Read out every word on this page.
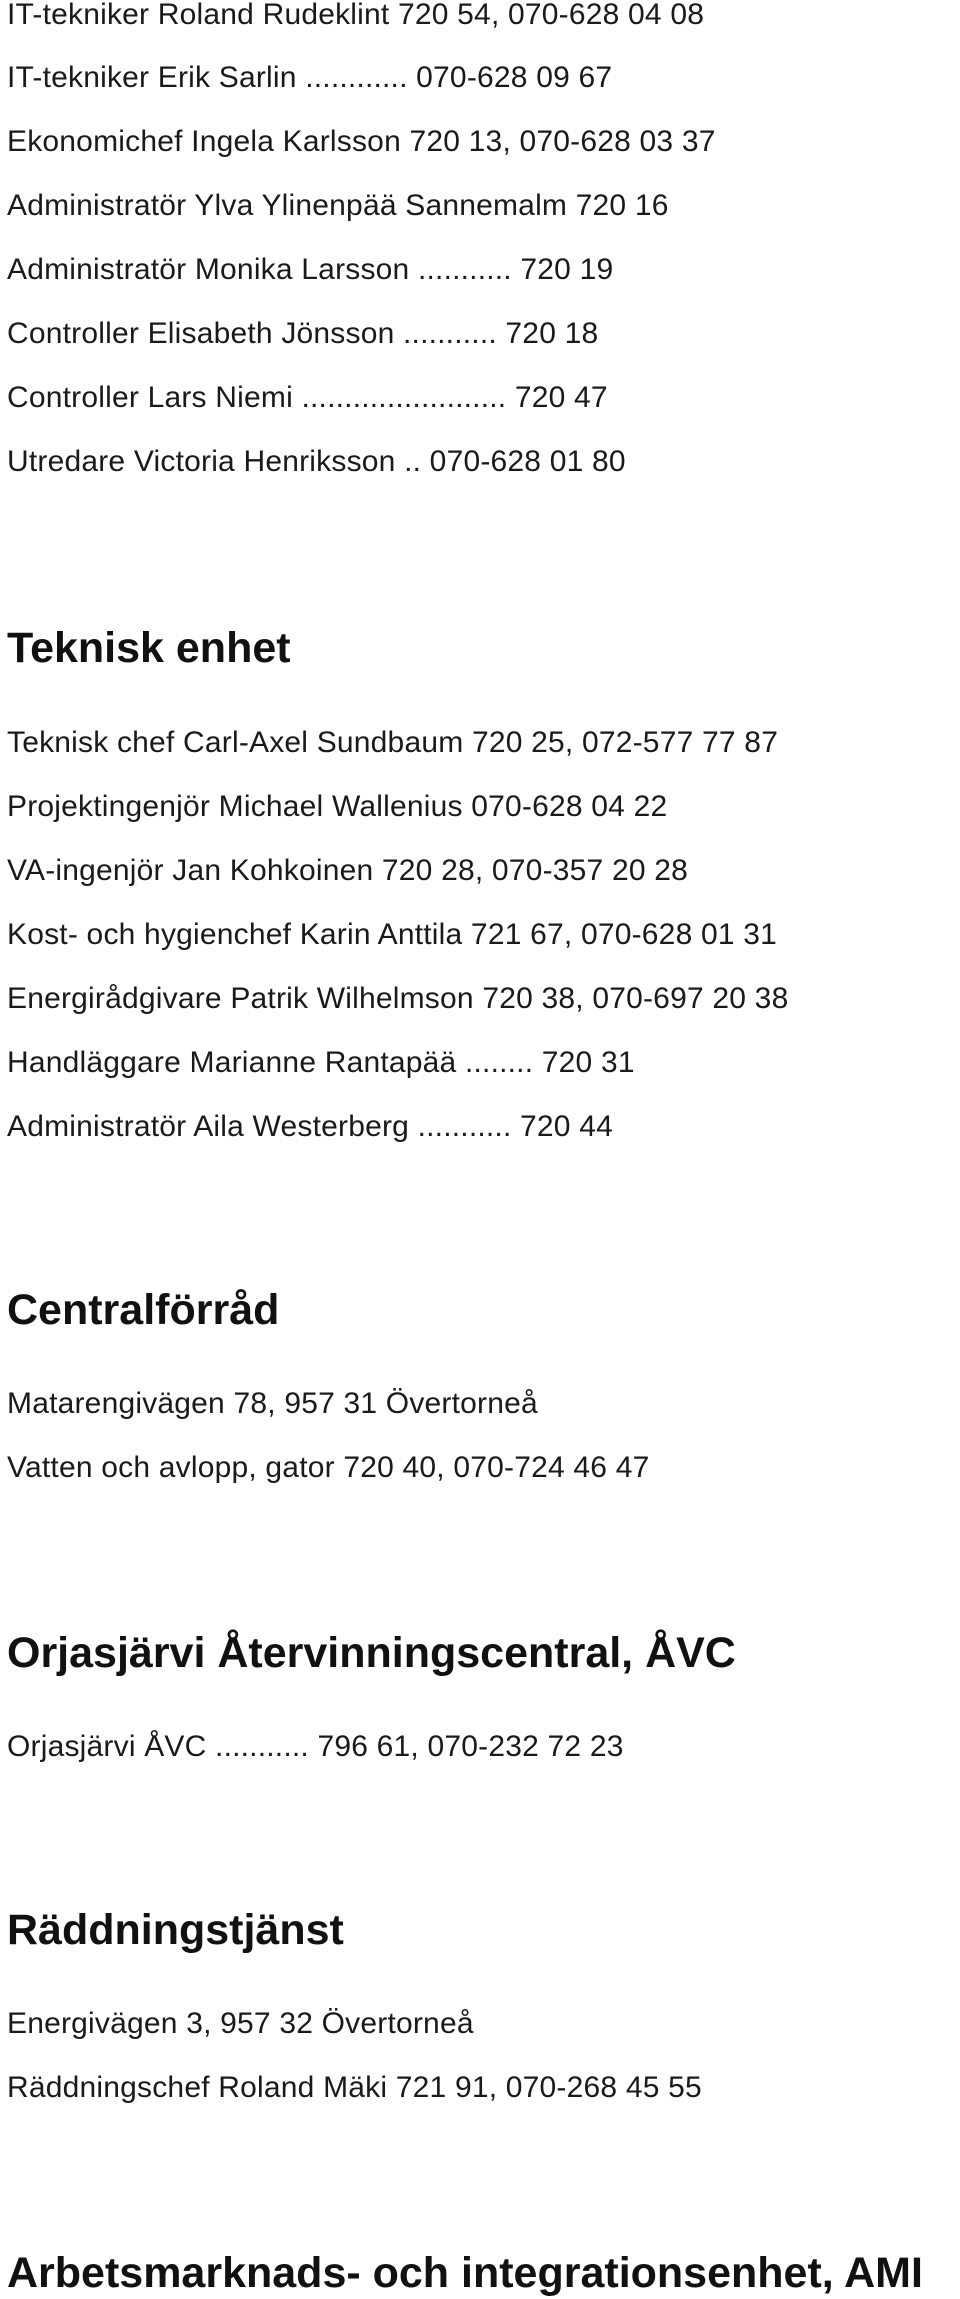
IT-tekniker Roland Rudeklint 720 54, 070-628 04 08
IT-tekniker Erik Sarlin ............ 070-628 09 67
Ekonomichef Ingela Karlsson 720 13, 070-628 03 37
Administratör Ylva Ylinenpää Sannemalm 720 16
Administratör Monika Larsson ........... 720 19
Controller Elisabeth Jönsson ........... 720 18
Controller Lars Niemi ........................ 720 47
Utredare Victoria Henriksson .. 070-628 01 80
Teknisk enhet
Teknisk chef Carl-Axel Sundbaum 720 25, 072-577 77 87
Projektingenjör Michael Wallenius 070-628 04 22
VA-ingenjör Jan Kohkoinen 720 28, 070-357 20 28
Kost- och hygienchef Karin Anttila 721 67, 070-628 01 31
Energirådgivare Patrik Wilhelmson 720 38, 070-697 20 38
Handläggare Marianne Rantapää ........ 720 31
Administratör Aila Westerberg ........... 720 44
Centralförråd
Matarengivägen 78, 957 31 Övertorneå
Vatten och avlopp, gator 720 40, 070-724 46 47
Orjasjärvi Återvinningscentral, ÅVC
Orjasjärvi ÅVC ........... 796 61, 070-232 72 23
Räddningstjänst
Energivägen 3, 957 32 Övertorneå
Räddningschef Roland Mäki 721 91, 070-268 45 55
Arbetsmarknads- och integrationsenhet, AMI
